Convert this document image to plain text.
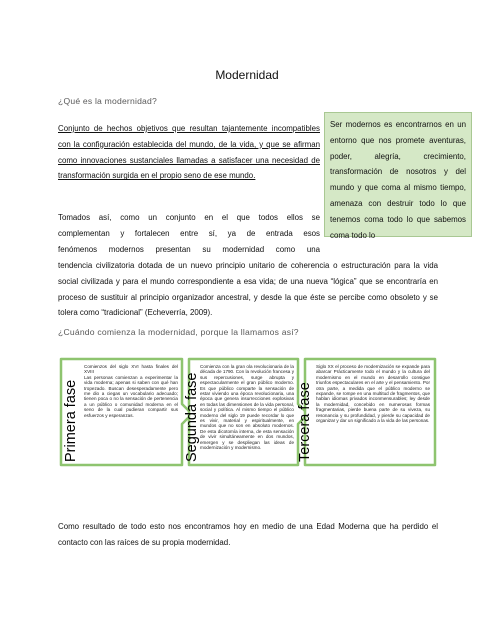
Modernidad
¿Qué es la modernidad?
Conjunto de hechos objetivos que resultan tajantemente incompatibles con la configuración establecida del mundo, de la vida, y que se afirman como innovaciones sustanciales llamadas a satisfacer una necesidad de transformación surgida en el propio seno de ese mundo.
Ser modernos es encontrarnos en un entorno que nos promete aventuras, poder, alegría, crecimiento, transformación de nosotros y del mundo y que coma al mismo tiempo, amenaza con destruir todo lo que tenemos coma todo lo que sabemos coma todo lo
Tomados así, como un conjunto en el que todos ellos se
complementan y fortalecen entre sí, ya de entrada esos
fenómenos modernos presentan su modernidad como una
tendencia civilizatoria dotada de un nuevo principio unitario de coherencia o estructuración para la vida social civilizada y para el mundo correspondiente a esa vida; de una nueva “lógica” que se encontraría en proceso de sustituir al principio organizador ancestral, y desde la que éste se percibe como obsoleto y se tolera como “tradicional” (Echeverría, 2009).
¿Cuándo comienza la modernidad, porque la llamamos así?
Primera fase
Comienzos del siglo XVI hasta finales del XVIII
Las personas comienzan a experimentar la vida moderna; apenas si saben con qué han tropezado. Buscan desesperadamente pero me dio a ciegas un vocabulario adecuado; tienen poca o no la sensación de pertenencia a un público o comunidad moderna en el seno de la cual pudieran compartir sus esfuerzos y esperanzas.	Segunda fase
Comienza con la gran ola revolucionaria de la década de 1790. Con la revolución francesa y sus repercusiones, surge abrupta y espectacularmente el gran público moderno. Es que público comparte la sensación de estar viviendo una época revolucionaria, una época que genera insurrecciones explosivas en todas las dimensiones de la vida personal, social y política. Al mismo tiempo el público moderno del siglo 19 puede recordar lo que es vivir, material y espiritualmente, en mundos que no son en absoluto modernos. De esta dicotomía interna, de esta sensación de vivir simultáneamente en dos mundos, emergen y se despliegan las ideas de modernización y modernismo.	Tercera fase
Siglo XX el proceso de modernización se expande para abarcar Prácticamente todo el mundo y la cultura del modernismo en el mundo en desarrollo consigue triunfos espectaculares en el arte y el pensamiento. Por otra parte, a medida que el público moderno se expande, se rompe en una multitud de fragmentos, que hablan idiomas privados inconmensurables; ley desde la modernidad, concebido en numerosas formas fragmentarias, pierde buena parte de su viveza, su resonancia y su profundidad, y pierde su capacidad de organizar y dar un significado a la vida de las personas.
Como resultado de todo esto nos encontramos hoy en medio de una Edad Moderna que ha perdido el contacto con las raíces de su propia modernidad.
